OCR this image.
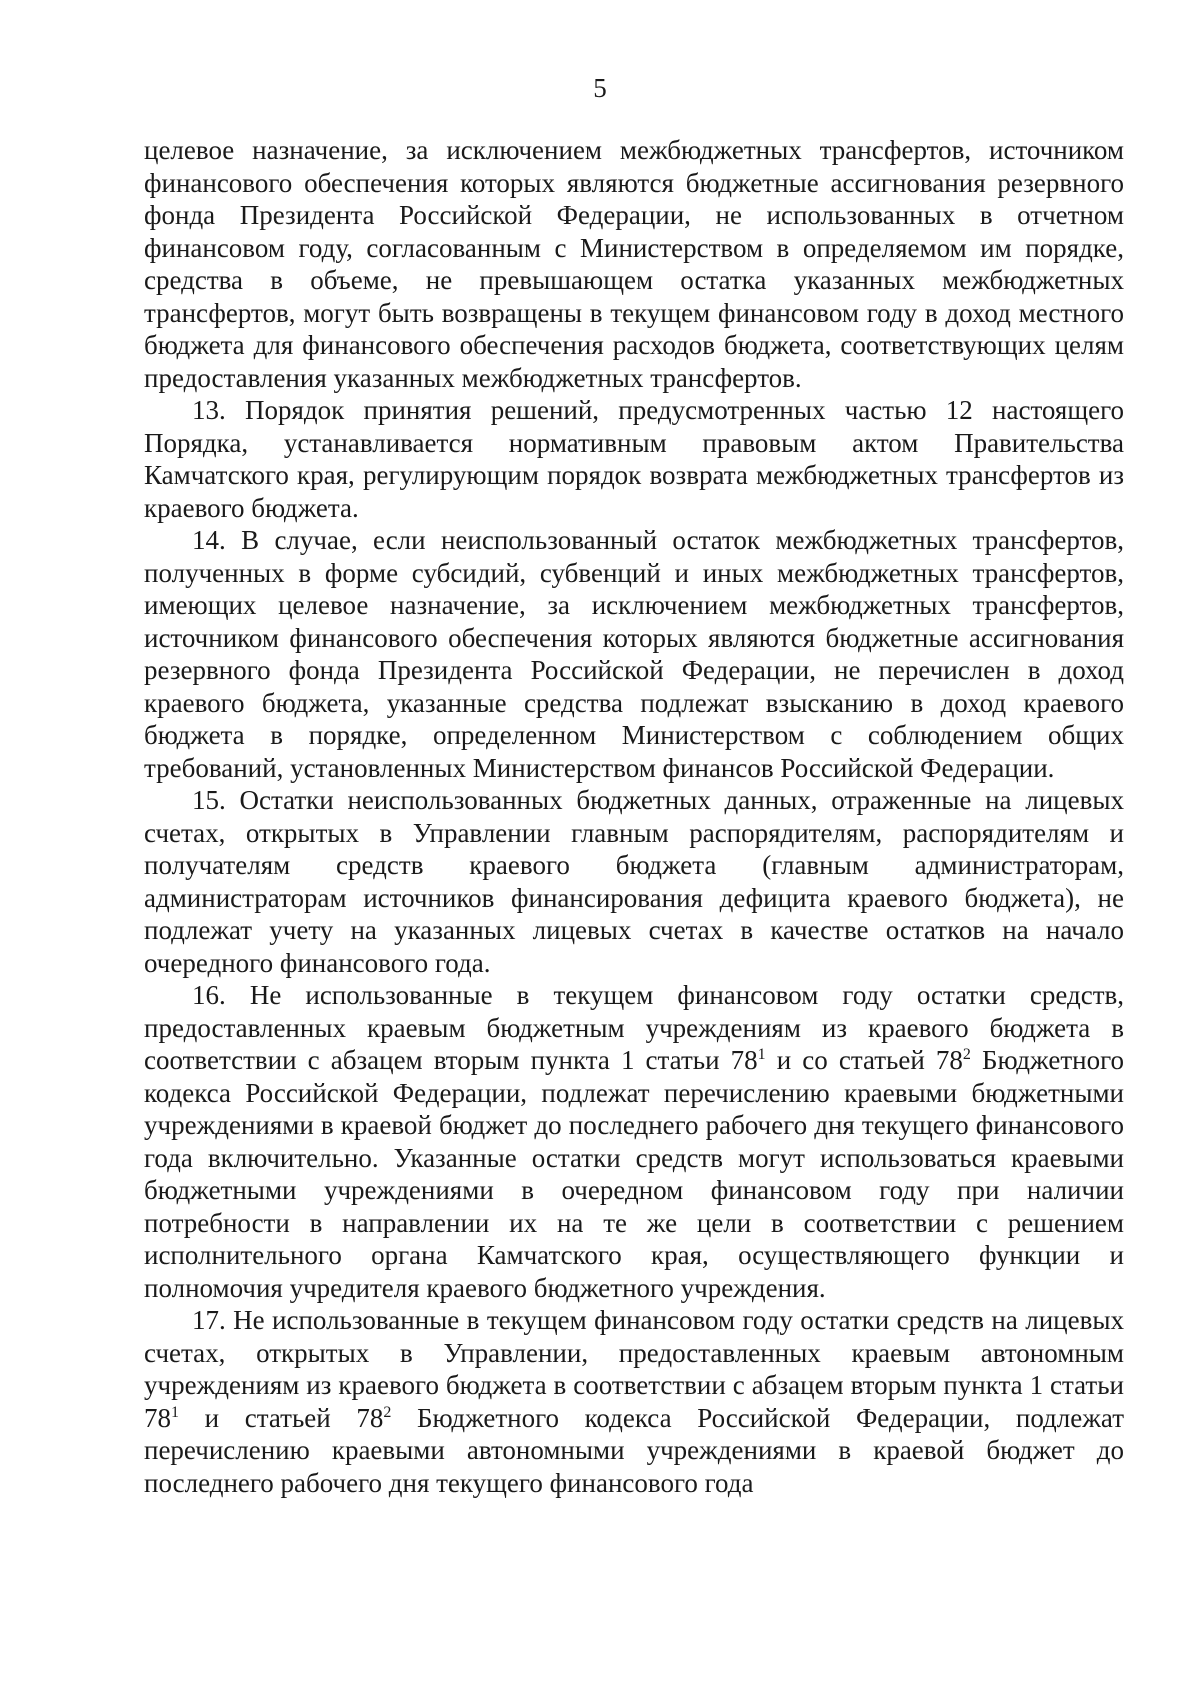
5

целевое назначение, за исключением межбюджетных трансфертов, источником финансового обеспечения которых являются бюджетные ассигнования резервного фонда Президента Российской Федерации, не использованных в отчетном финансовом году, согласованным с Министерством в определяемом им порядке, средства в объеме, не превышающем остатка указанных межбюджетных трансфертов, могут быть возвращены в текущем финансовом году в доход местного бюджета для финансового обеспечения расходов бюджета, соответствующих целям предоставления указанных межбюджетных трансфертов.

13. Порядок принятия решений, предусмотренных частью 12 настоящего Порядка, устанавливается нормативным правовым актом Правительства Камчатского края, регулирующим порядок возврата межбюджетных трансфертов из краевого бюджета.

14. В случае, если неиспользованный остаток межбюджетных трансфертов, полученных в форме субсидий, субвенций и иных межбюджетных трансфертов, имеющих целевое назначение, за исключением межбюджетных трансфертов, источником финансового обеспечения которых являются бюджетные ассигнования резервного фонда Президента Российской Федерации, не перечислен в доход краевого бюджета, указанные средства подлежат взысканию в доход краевого бюджета в порядке, определенном Министерством с соблюдением общих требований, установленных Министерством финансов Российской Федерации.

15. Остатки неиспользованных бюджетных данных, отраженные на лицевых счетах, открытых в Управлении главным распорядителям, распорядителям и получателям средств краевого бюджета (главным администраторам, администраторам источников финансирования дефицита краевого бюджета), не подлежат учету на указанных лицевых счетах в качестве остатков на начало очередного финансового года.

16. Не использованные в текущем финансовом году остатки средств, предоставленных краевым бюджетным учреждениям из краевого бюджета в соответствии с абзацем вторым пункта 1 статьи $78^1$ и со статьей $78^2$ Бюджетного кодекса Российской Федерации, подлежат перечислению краевыми бюджетными учреждениями в краевой бюджет до последнего рабочего дня текущего финансового года включительно. Указанные остатки средств могут использоваться краевыми бюджетными учреждениями в очередном финансовом году при наличии потребности в направлении их на те же цели в соответствии с решением исполнительного органа Камчатского края, осуществляющего функции и полномочия учредителя краевого бюджетного учреждения.

17. Не использованные в текущем финансовом году остатки средств на лицевых счетах, открытых в Управлении, предоставленных краевым автономным учреждениям из краевого бюджета в соответствии с абзацем вторым пункта 1 статьи $78^1$ и статьей $78^2$ Бюджетного кодекса Российской Федерации, подлежат перечислению краевыми автономными учреждениями в краевой бюджет до последнего рабочего дня текущего финансового года
